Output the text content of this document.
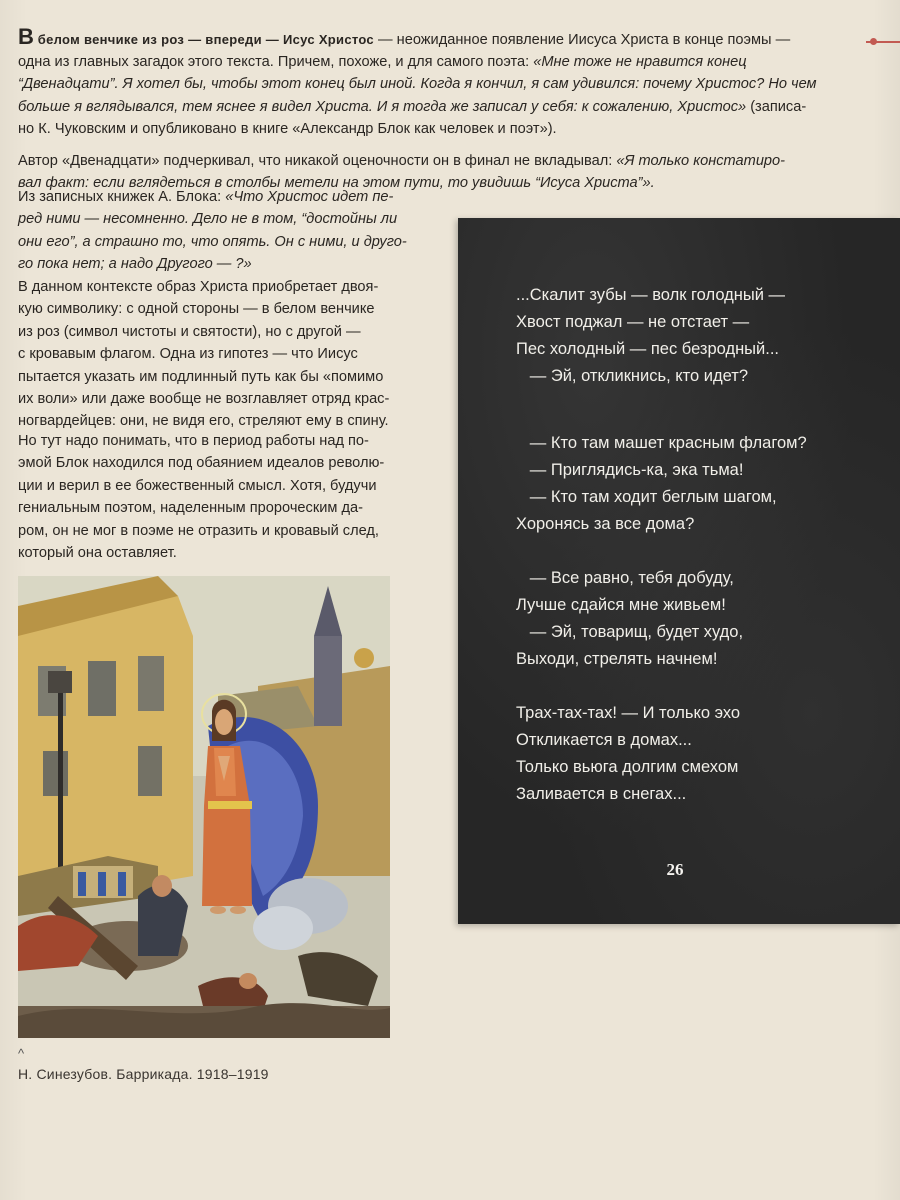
В белом венчике из роз — впереди — Исус Христос — неожиданное появление Иисуса Христа в конце поэмы —
одна из главных загадок этого текста. Причем, похоже, и для самого поэта: «Мне тоже не нравится конец
“Двенадцати”. Я хотел бы, чтобы этот конец был иной. Когда я кончил, я сам удивился: почему Христос? Но чем
больше я вглядывался, тем яснее я видел Христа. И я тогда же записал у себя: к сожалению, Христос» (записа-
но К. Чуковским и опубликовано в книге «Александр Блок как человек и поэт»).
Автор «Двенадцати» подчеркивал, что никакой оценочности он в финал не вкладывал: «Я только констатиро-
вал факт: если вглядеться в столбы метели на этом пути, то увидишь “Исуса Христа”».
Из записных книжек А. Блока: «Что Христос идет пе-
ред ними — несомненно. Дело не в том, “достойны ли
они его”, а страшно то, что опять. Он с ними, и друго-
го пока нет; а надо Другого — ?»
В данном контексте образ Христа приобретает двоя-
кую символику: с одной стороны — в белом венчике
из роз (символ чистоты и святости), но с другой —
с кровавым флагом. Одна из гипотез — что Иисус
пытается указать им подлинный путь как бы «помимо
их воли» или даже вообще не возглавляет отряд крас-
ногвардейцев: они, не видя его, стреляют ему в спину.
Но тут надо понимать, что в период работы над по-
эмой Блок находился под обаянием идеалов револю-
ции и верил в ее божественный смысл. Хотя, будучи
гениальным поэтом, наделенным пророческим да-
ром, он не мог в поэме не отразить и кровавый след,
который она оставляет.
...Скалит зубы — волк голодный —
Хвост поджал — не отстает —
Пес холодный — пес безродный...
— Эй, откликнись, кто идет?
— Кто там машет красным флагом?
— Приглядись-ка, эка тьма!
— Кто там ходит беглым шагом,
Хоронясь за все дома?
— Все равно, тебя добуду,
Лучше сдайся мне живьем!
— Эй, товарищ, будет худо,
Выходи, стрелять начнем!
Трах-тах-тах! — И только эхо
Откликается в домах...
Только вьюга долгим смехом
Заливается в снегах...
26
^
Н. Синезубов. Баррикада. 1918–1919
